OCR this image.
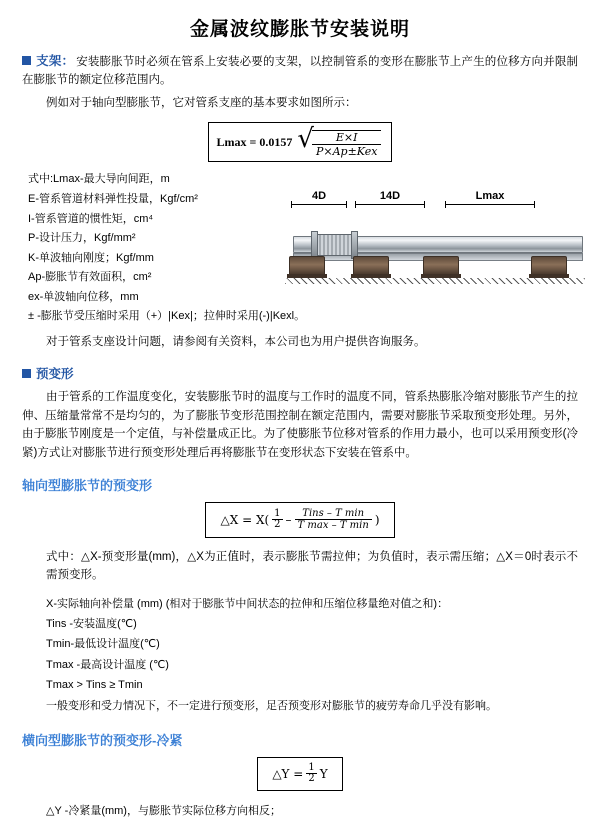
金属波纹膨胀节安装说明

支架： 安装膨胀节时必须在管系上安装必要的支架，以控制管系的变形在膨胀节上产生的位移方向并限制在膨胀节的额定位移范围内。

例如对于轴向型膨胀节，它对管系支座的基本要求如图所示：

Lmax = 0.0157 √
$\frac{E\times I}{\text{P×Ap±Kex}}$
式中:Lmax-最大导向间距，m
E-管系管道材料弹性投量，Kgf/cm²
I-管系管道的惯性矩，cm⁴
P-设计压力，Kgf/mm²
K-单波轴向刚度；Kgf/mm
Ap-膨胀节有效面积，cm²
ex-单波轴向位移，mm
± -膨胀节受压缩时采用（+）|Kex|；拉伸时采用(-)|Kexl。
4D	14D	Lmax

对于管系支座设计问题，请参阅有关资料，本公司也为用户提供咨询服务。

预变形

由于管系的工作温度变化，安装膨胀节时的温度与工作时的温度不同，管系热膨胀冷缩对膨胀节产生的拉伸、压缩量常常不是均匀的，为了膨胀节变形范围控制在额定范围内，需要对膨胀节采取预变形处理。另外，由于膨胀节刚度是一个定值，与补偿量成正比。为了使膨胀节位移对管系的作用力最小，也可以采用预变形(冷紧)方式让对膨胀节进行预变形处理后再将膨胀节在变形状态下安装在管系中。

轴向型膨胀节的预变形
△X = $X( \frac{1}{2}$ –	Tins – T min
T max – T min )

式中：△X-预变形量(mm)，△X为正值时，表示膨胀节需拉伸；为负值时，表示需压缩；△X＝0时表示不需预变形。

X-实际轴向补偿量 (mm) (相对于膨胀节中间状态的拉伸和压缩位移量绝对值之和)：
Tins -安装温度(℃)
Tmin-最低设计温度(℃)
Tmax -最高设计温度 (℃)
Tmax > Tins ≥ Tmin
一般变形和受力情况下，不一定进行预变形，足否预变形对膨胀节的疲劳寿命几乎没有影响。
横向型膨胀节的预变形-冷紧
△Y = $\frac{1}{2}$ Y
△Y -冷紧量(mm)，与膨胀节实际位移方向相反；
